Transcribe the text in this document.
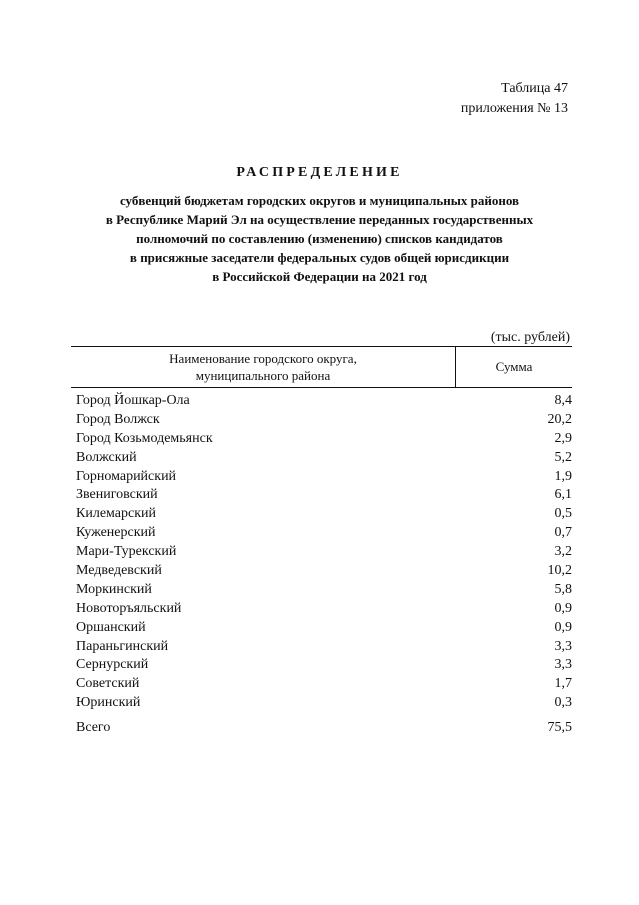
Таблица 47
приложения № 13
РАСПРЕДЕЛЕНИЕ
субвенций бюджетам городских округов и муниципальных районов
в Республике Марий Эл на осуществление переданных государственных
полномочий по составлению (изменению) списков кандидатов
в присяжные заседатели федеральных судов общей юрисдикции
в Российской Федерации на 2021 год
(тыс. рублей)
Наименование городского округа,
муниципального района
Сумма
Город Йошкар-Ола	8,4
Город Волжск	20,2
Город Козьмодемьянск	2,9
Волжский	5,2
Горномарийский	1,9
Звениговский	6,1
Килемарский	0,5
Куженерский	0,7
Мари-Турекский	3,2
Медведевский	10,2
Моркинский	5,8
Новоторъяльский	0,9
Оршанский	0,9
Параньгинский	3,3
Сернурский	3,3
Советский	1,7
Юринский	0,3
Всего	75,5
